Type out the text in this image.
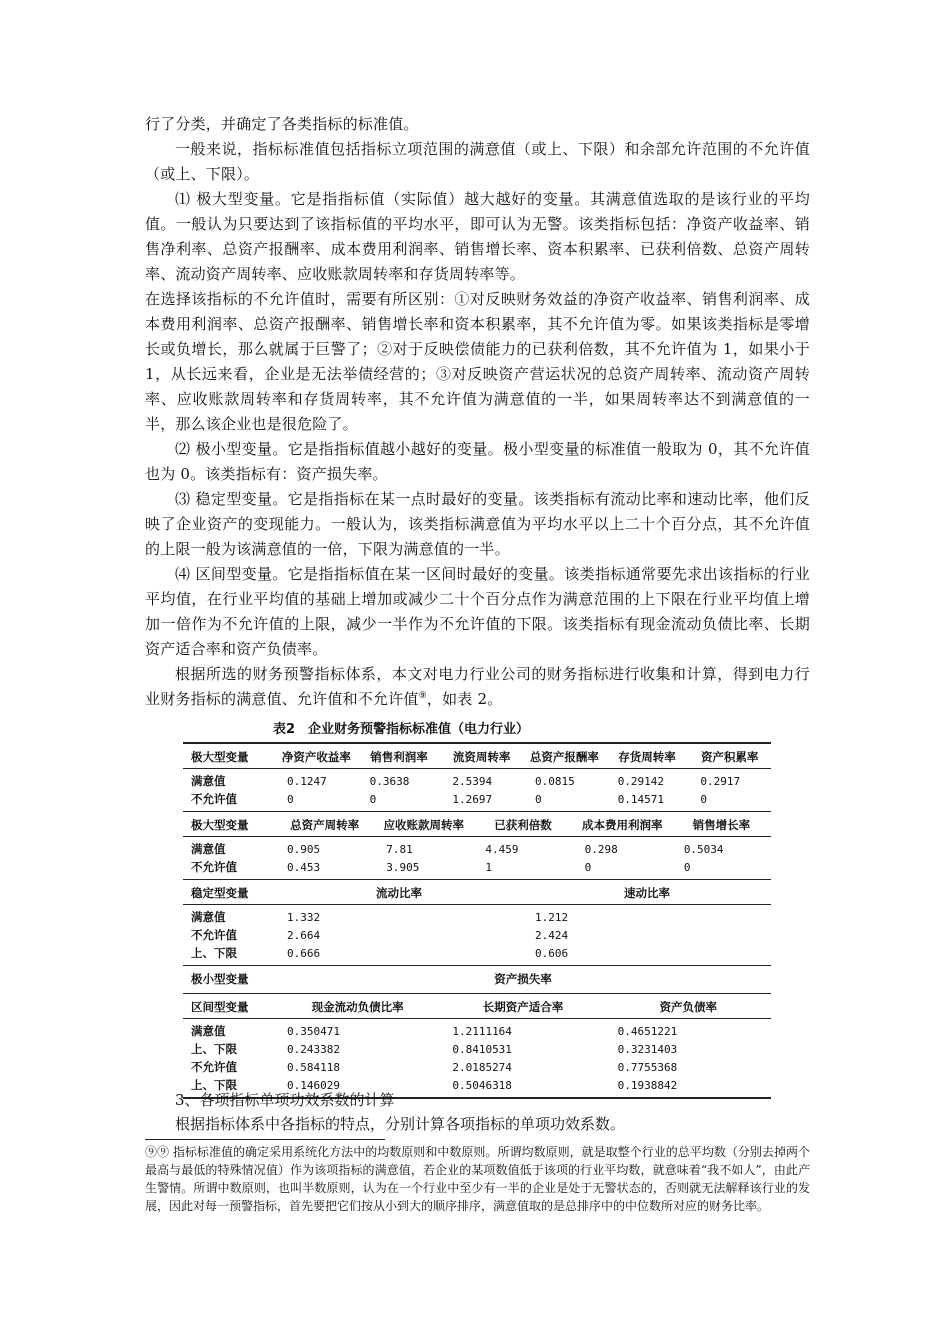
行了分类，并确定了各类指标的标准值。

一般来说，指标标准值包括指标立项范围的满意值（或上、下限）和余部允许范围的不允许值（或上、下限）。

⑴ 极大型变量。它是指指标值（实际值）越大越好的变量。其满意值选取的是该行业的平均值。一般认为只要达到了该指标值的平均水平，即可认为无警。该类指标包括：净资产收益率、销售净利率、总资产报酬率、成本费用利润率、销售增长率、资本积累率、已获利倍数、总资产周转率、流动资产周转率、应收账款周转率和存货周转率等。

在选择该指标的不允许值时，需要有所区别：①对反映财务效益的净资产收益率、销售利润率、成本费用利润率、总资产报酬率、销售增长率和资本积累率，其不允许值为零。如果该类指标是零增长或负增长，那么就属于巨警了；②对于反映偿债能力的已获利倍数，其不允许值为 1，如果小于 1，从长远来看，企业是无法举债经营的；③对反映资产营运状况的总资产周转率、流动资产周转率、应收账款周转率和存货周转率，其不允许值为满意值的一半，如果周转率达不到满意值的一半，那么该企业也是很危险了。

⑵ 极小型变量。它是指指标值越小越好的变量。极小型变量的标准值一般取为 0，其不允许值也为 0。该类指标有：资产损失率。

⑶ 稳定型变量。它是指指标在某一点时最好的变量。该类指标有流动比率和速动比率，他们反映了企业资产的变现能力。一般认为，该类指标满意值为平均水平以上二十个百分点，其不允许值的上限一般为该满意值的一倍，下限为满意值的一半。

⑷ 区间型变量。它是指指标值在某一区间时最好的变量。该类指标通常要先求出该指标的行业平均值，在行业平均值的基础上增加或减少二十个百分点作为满意范围的上下限在行业平均值上增加一倍作为不允许值的上限，减少一半作为不允许值的下限。该类指标有现金流动负债比率、长期资产适合率和资产负债率。

根据所选的财务预警指标体系，本文对电力行业公司的财务指标进行收集和计算，得到电力行业财务指标的满意值、允许值和不允许值⑨，如表 2。

表2　企业财务预警指标标准值（电力行业）
极大型变量	净资产收益率	销售利润率	流资周转率	总资产报酬率	存货周转率	资产积累率
满意值	0.1247	0.3638	2.5394	0.0815	0.29142	0.2917
不允许值	0	0	1.2697	0	0.14571	0
极大型变量	总资产周转率	应收账款周转率	已获利倍数	成本费用利润率	销售增长率
满意值	0.905	7.81	4.459	0.298	0.5034
不允许值	0.453	3.905	1	0	0
稳定型变量	流动比率	速动比率
满意值	1.332	1.212
不允许值	2.664	2.424
上、下限	0.666	0.606
极小型变量	资产损失率
区间型变量	现金流动负债比率	长期资产适合率	资产负债率
满意值	0.350471	1.2111164	0.4651221
上、下限	0.243382	0.8410531	0.3231403
不允许值	0.584118	2.0185274	0.7755368
上、下限	0.146029	0.5046318	0.1938842
3、各项指标单项功效系数的计算
根据指标体系中各指标的特点，分别计算各项指标的单项功效系数。
⑨⑨ 指标标准值的确定采用系统化方法中的均数原则和中数原则。所谓均数原则，就是取整个行业的总平均数（分别去掉两个最高与最低的特殊情况值）作为该项指标的满意值，若企业的某项数值低于该项的行业平均数，就意味着“我不如人”，由此产生警情。所谓中数原则，也叫半数原则，认为在一个行业中至少有一半的企业是处于无警状态的，否则就无法解释该行业的发展，因此对每一预警指标，首先要把它们按从小到大的顺序排序，满意值取的是总排序中的中位数所对应的财务比率。
